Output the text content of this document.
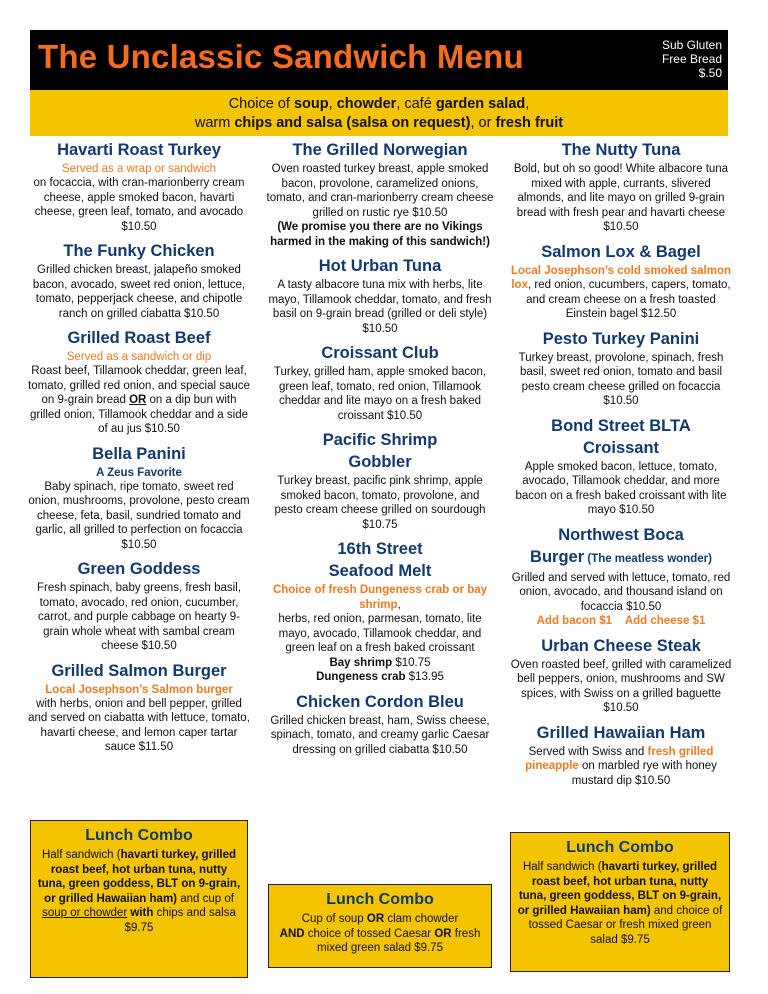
The Unclassic Sandwich Menu	Sub Gluten
Free Bread
$.50
Choice of soup, chowder, café garden salad,
warm chips and salsa (salsa on request), or fresh fruit
Havarti Roast Turkey
Served as a wrap or sandwich
on focaccia, with cran-marionberry cream cheese, apple smoked bacon, havarti cheese, green leaf, tomato, and avocado $10.50
The Funky Chicken
Grilled chicken breast, jalapeño smoked bacon, avocado, sweet red onion, lettuce, tomato, pepperjack cheese, and chipotle ranch on grilled ciabatta $10.50
Grilled Roast Beef
Served as a sandwich or dip
Roast beef, Tillamook cheddar, green leaf, tomato, grilled red onion, and special sauce on 9-grain bread OR on a dip bun with grilled onion, Tillamook cheddar and a side of au jus $10.50
Bella Panini
A Zeus Favorite
Baby spinach, ripe tomato, sweet red onion, mushrooms, provolone, pesto cream cheese, feta, basil, sundried tomato and garlic, all grilled to perfection on focaccia $10.50
Green Goddess
Fresh spinach, baby greens, fresh basil, tomato, avocado, red onion, cucumber, carrot, and purple cabbage on hearty 9-grain whole wheat with sambal cream cheese $10.50
Grilled Salmon Burger
Local Josephson’s Salmon burger
with herbs, onion and bell pepper, grilled and served on ciabatta with lettuce, tomato, havarti cheese, and lemon caper tartar sauce $11.50
Lunch Combo
Half sandwich (havarti turkey, grilled roast beef, hot urban tuna, nutty tuna, green goddess, BLT on 9-grain, or grilled Hawaiian ham) and cup of soup or chowder with chips and salsa $9.75
The Grilled Norwegian
Oven roasted turkey breast, apple smoked bacon, provolone, caramelized onions, tomato, and cran-marionberry cream cheese grilled on rustic rye $10.50
(We promise you there are no Vikings harmed in the making of this sandwich!)
Hot Urban Tuna
A tasty albacore tuna mix with herbs, lite mayo, Tillamook cheddar, tomato, and fresh basil on 9-grain bread (grilled or deli style) $10.50
Croissant Club
Turkey, grilled ham, apple smoked bacon, green leaf, tomato, red onion, Tillamook cheddar and lite mayo on a fresh baked croissant $10.50
Pacific Shrimp
Gobbler
Turkey breast, pacific pink shrimp, apple smoked bacon, tomato, provolone, and pesto cream cheese grilled on sourdough $10.75
16th Street
Seafood Melt
Choice of fresh Dungeness crab or bay shrimp,
herbs, red onion, parmesan, tomato, lite mayo, avocado, Tillamook cheddar, and green leaf on a fresh baked croissant
Bay shrimp $10.75
Dungeness crab $13.95
Chicken Cordon Bleu
Grilled chicken breast, ham, Swiss cheese, spinach, tomato, and creamy garlic Caesar dressing on grilled ciabatta $10.50
Lunch Combo
Cup of soup OR clam chowder
AND choice of tossed Caesar OR fresh mixed green salad $9.75
The Nutty Tuna
Bold, but oh so good! White albacore tuna mixed with apple, currants, slivered almonds, and lite mayo on grilled 9-grain bread with fresh pear and havarti cheese $10.50
Salmon Lox & Bagel
Local Josephson’s cold smoked salmon lox, red onion, cucumbers, capers, tomato, and cream cheese on a fresh toasted Einstein bagel $12.50
Pesto Turkey Panini
Turkey breast, provolone, spinach, fresh basil, sweet red onion, tomato and basil pesto cream cheese grilled on focaccia $10.50
Bond Street BLTA
Croissant
Apple smoked bacon, lettuce, tomato, avocado, Tillamook cheddar, and more bacon on a fresh baked croissant with lite mayo $10.50
Northwest Boca
Burger (The meatless wonder)
Grilled and served with lettuce, tomato, red onion, avocado, and thousand island on focaccia $10.50
Add bacon $1 Add cheese $1
Urban Cheese Steak
Oven roasted beef, grilled with caramelized bell peppers, onion, mushrooms and SW spices, with Swiss on a grilled baguette $10.50
Grilled Hawaiian Ham
Served with Swiss and fresh grilled pineapple on marbled rye with honey mustard dip $10.50
Lunch Combo
Half sandwich (havarti turkey, grilled roast beef, hot urban tuna, nutty tuna, green goddess, BLT on 9-grain, or grilled Hawaiian ham) and choice of tossed Caesar or fresh mixed green salad $9.75
